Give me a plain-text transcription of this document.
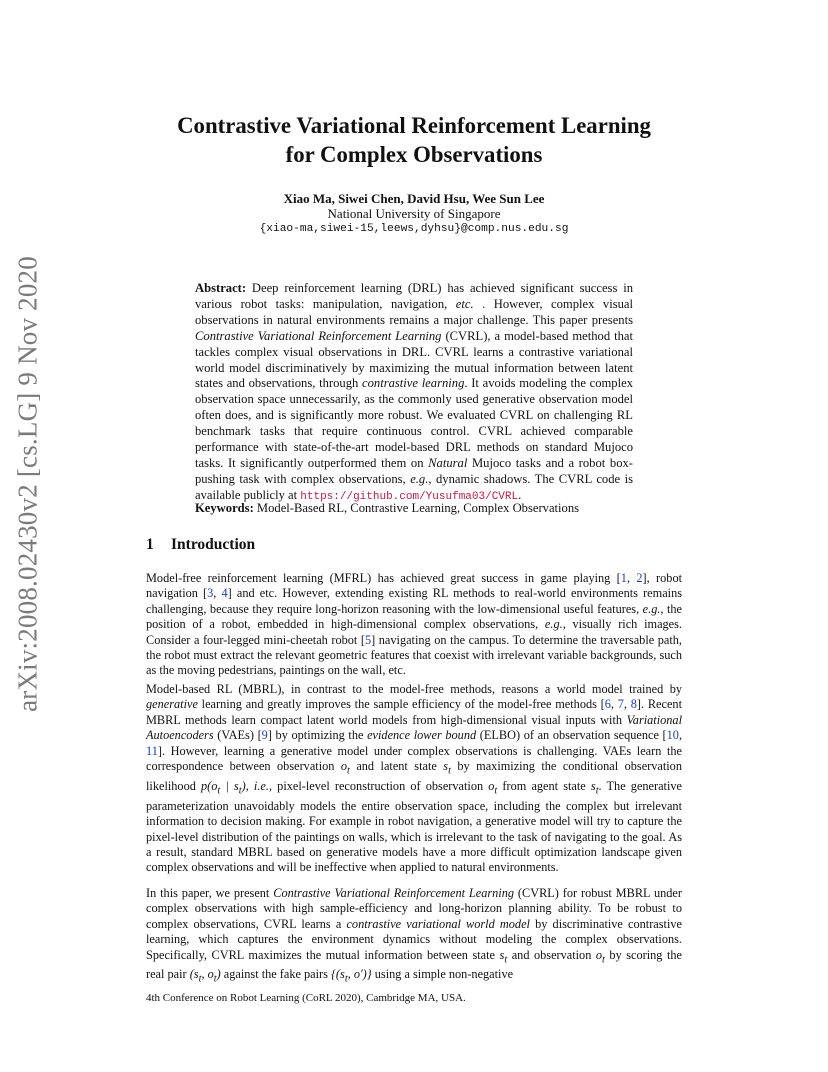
arXiv:2008.02430v2 [cs.LG] 9 Nov 2020
Contrastive Variational Reinforcement Learning
for Complex Observations
Xiao Ma, Siwei Chen, David Hsu, Wee Sun Lee
National University of Singapore
{xiao-ma,siwei-15,leews,dyhsu}@comp.nus.edu.sg
Abstract: Deep reinforcement learning (DRL) has achieved significant success in various robot tasks: manipulation, navigation, etc. . However, complex visual observations in natural environments remains a major challenge. This paper presents Contrastive Variational Reinforcement Learning (CVRL), a model-based method that tackles complex visual observations in DRL. CVRL learns a contrastive variational world model discriminatively by maximizing the mutual information between latent states and observations, through contrastive learning. It avoids modeling the complex observation space unnecessarily, as the commonly used generative observation model often does, and is significantly more robust. We evaluated CVRL on challenging RL benchmark tasks that require continuous control. CVRL achieved comparable performance with state-of-the-art model-based DRL methods on standard Mujoco tasks. It significantly outperformed them on Natural Mujoco tasks and a robot box-pushing task with complex observations, e.g., dynamic shadows. The CVRL code is available publicly at https://github.com/Yusufma03/CVRL.
Keywords: Model-Based RL, Contrastive Learning, Complex Observations
1 Introduction
Model-free reinforcement learning (MFRL) has achieved great success in game playing [1, 2], robot navigation [3, 4] and etc. However, extending existing RL methods to real-world environments remains challenging, because they require long-horizon reasoning with the low-dimensional useful features, e.g., the position of a robot, embedded in high-dimensional complex observations, e.g., visually rich images. Consider a four-legged mini-cheetah robot [5] navigating on the campus. To determine the traversable path, the robot must extract the relevant geometric features that coexist with irrelevant variable backgrounds, such as the moving pedestrians, paintings on the wall, etc.
Model-based RL (MBRL), in contrast to the model-free methods, reasons a world model trained by generative learning and greatly improves the sample efficiency of the model-free methods [6, 7, 8]. Recent MBRL methods learn compact latent world models from high-dimensional visual inputs with Variational Autoencoders (VAEs) [9] by optimizing the evidence lower bound (ELBO) of an observation sequence [10, 11]. However, learning a generative model under complex observations is challenging. VAEs learn the correspondence between observation $o_t$ and latent state $s_t$ by maximizing the conditional observation likelihood $p(o_t$ | $s_t$), i.e., pixel-level reconstruction of observation $o_t$ from agent state $s_t$. The generative parameterization unavoidably models the entire observation space, including the complex but irrelevant information to decision making. For example in robot navigation, a generative model will try to capture the pixel-level distribution of the paintings on walls, which is irrelevant to the task of navigating to the goal. As a result, standard MBRL based on generative models have a more difficult optimization landscape given complex observations and will be ineffective when applied to natural environments.
In this paper, we present Contrastive Variational Reinforcement Learning (CVRL) for robust MBRL under complex observations with high sample-efficiency and long-horizon planning ability. To be robust to complex observations, CVRL learns a contrastive variational world model by discriminative contrastive learning, which captures the environment dynamics without modeling the complex observations. Specifically, CVRL maximizes the mutual information between state $s_t$ and observation $o_t$ by scoring the real pair ($s_t$, $o_t$) against the fake pairs {($s_t$, o′)} using a simple non-negative
4th Conference on Robot Learning (CoRL 2020), Cambridge MA, USA.
